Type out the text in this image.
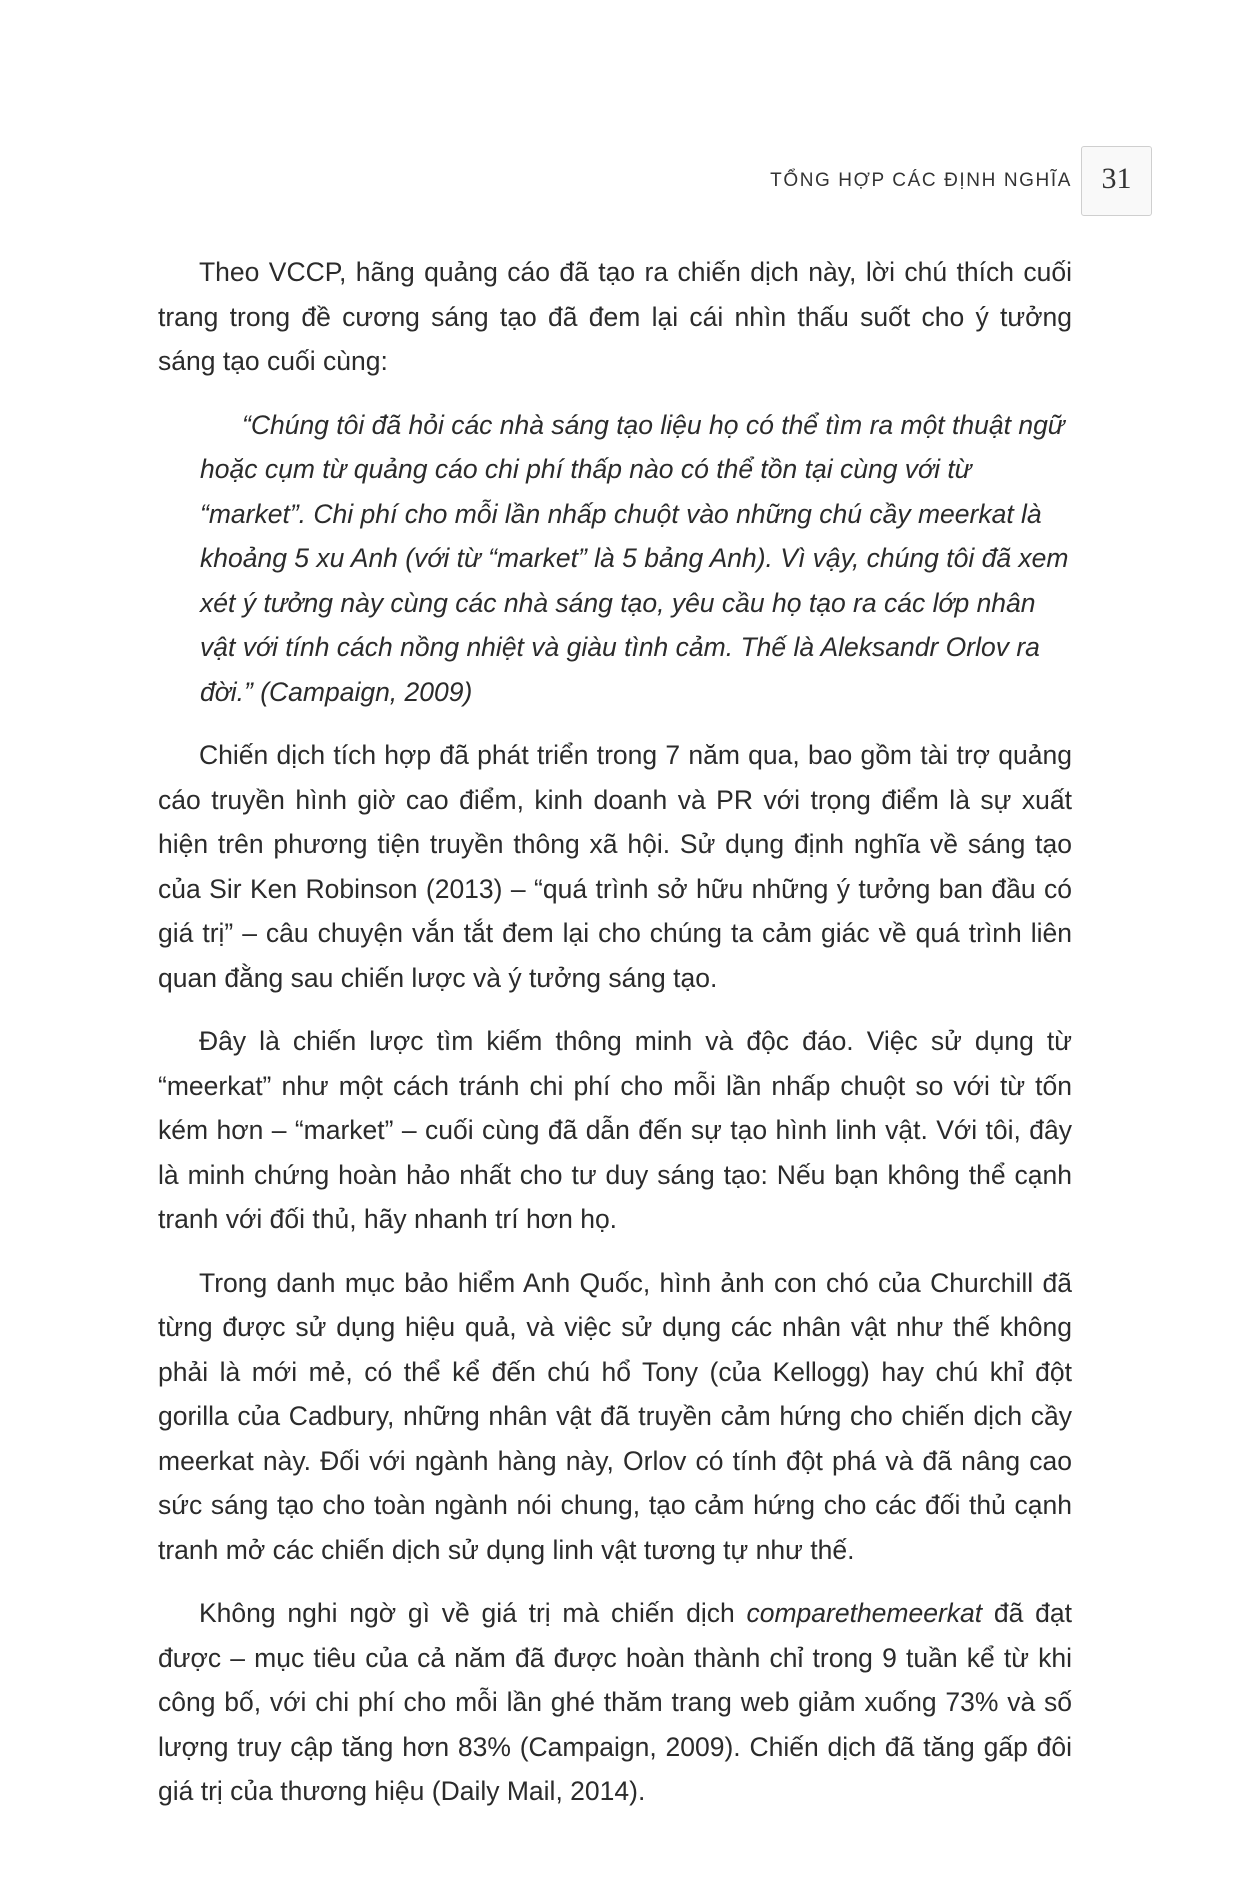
TỔNG HỢP CÁC ĐỊNH NGHĨA 31

Theo VCCP, hãng quảng cáo đã tạo ra chiến dịch này, lời chú thích cuối trang trong đề cương sáng tạo đã đem lại cái nhìn thấu suốt cho ý tưởng sáng tạo cuối cùng:

“Chúng tôi đã hỏi các nhà sáng tạo liệu họ có thể tìm ra một thuật ngữ hoặc cụm từ quảng cáo chi phí thấp nào có thể tồn tại cùng với từ “market”. Chi phí cho mỗi lần nhấp chuột vào những chú cầy meerkat là khoảng 5 xu Anh (với từ “market” là 5 bảng Anh). Vì vậy, chúng tôi đã xem xét ý tưởng này cùng các nhà sáng tạo, yêu cầu họ tạo ra các lớp nhân vật với tính cách nồng nhiệt và giàu tình cảm. Thế là Aleksandr Orlov ra đời.” (Campaign, 2009)

Chiến dịch tích hợp đã phát triển trong 7 năm qua, bao gồm tài trợ quảng cáo truyền hình giờ cao điểm, kinh doanh và PR với trọng điểm là sự xuất hiện trên phương tiện truyền thông xã hội. Sử dụng định nghĩa về sáng tạo của Sir Ken Robinson (2013) – “quá trình sở hữu những ý tưởng ban đầu có giá trị” – câu chuyện vắn tắt đem lại cho chúng ta cảm giác về quá trình liên quan đằng sau chiến lược và ý tưởng sáng tạo.

Đây là chiến lược tìm kiếm thông minh và độc đáo. Việc sử dụng từ “meerkat” như một cách tránh chi phí cho mỗi lần nhấp chuột so với từ tốn kém hơn – “market” – cuối cùng đã dẫn đến sự tạo hình linh vật. Với tôi, đây là minh chứng hoàn hảo nhất cho tư duy sáng tạo: Nếu bạn không thể cạnh tranh với đối thủ, hãy nhanh trí hơn họ.

Trong danh mục bảo hiểm Anh Quốc, hình ảnh con chó của Churchill đã từng được sử dụng hiệu quả, và việc sử dụng các nhân vật như thế không phải là mới mẻ, có thể kể đến chú hổ Tony (của Kellogg) hay chú khỉ đột gorilla của Cadbury, những nhân vật đã truyền cảm hứng cho chiến dịch cầy meerkat này. Đối với ngành hàng này, Orlov có tính đột phá và đã nâng cao sức sáng tạo cho toàn ngành nói chung, tạo cảm hứng cho các đối thủ cạnh tranh mở các chiến dịch sử dụng linh vật tương tự như thế.

Không nghi ngờ gì về giá trị mà chiến dịch comparethemeerkat đã đạt được – mục tiêu của cả năm đã được hoàn thành chỉ trong 9 tuần kể từ khi công bố, với chi phí cho mỗi lần ghé thăm trang web giảm xuống 73% và số lượng truy cập tăng hơn 83% (Campaign, 2009). Chiến dịch đã tăng gấp đôi giá trị của thương hiệu (Daily Mail, 2014).
